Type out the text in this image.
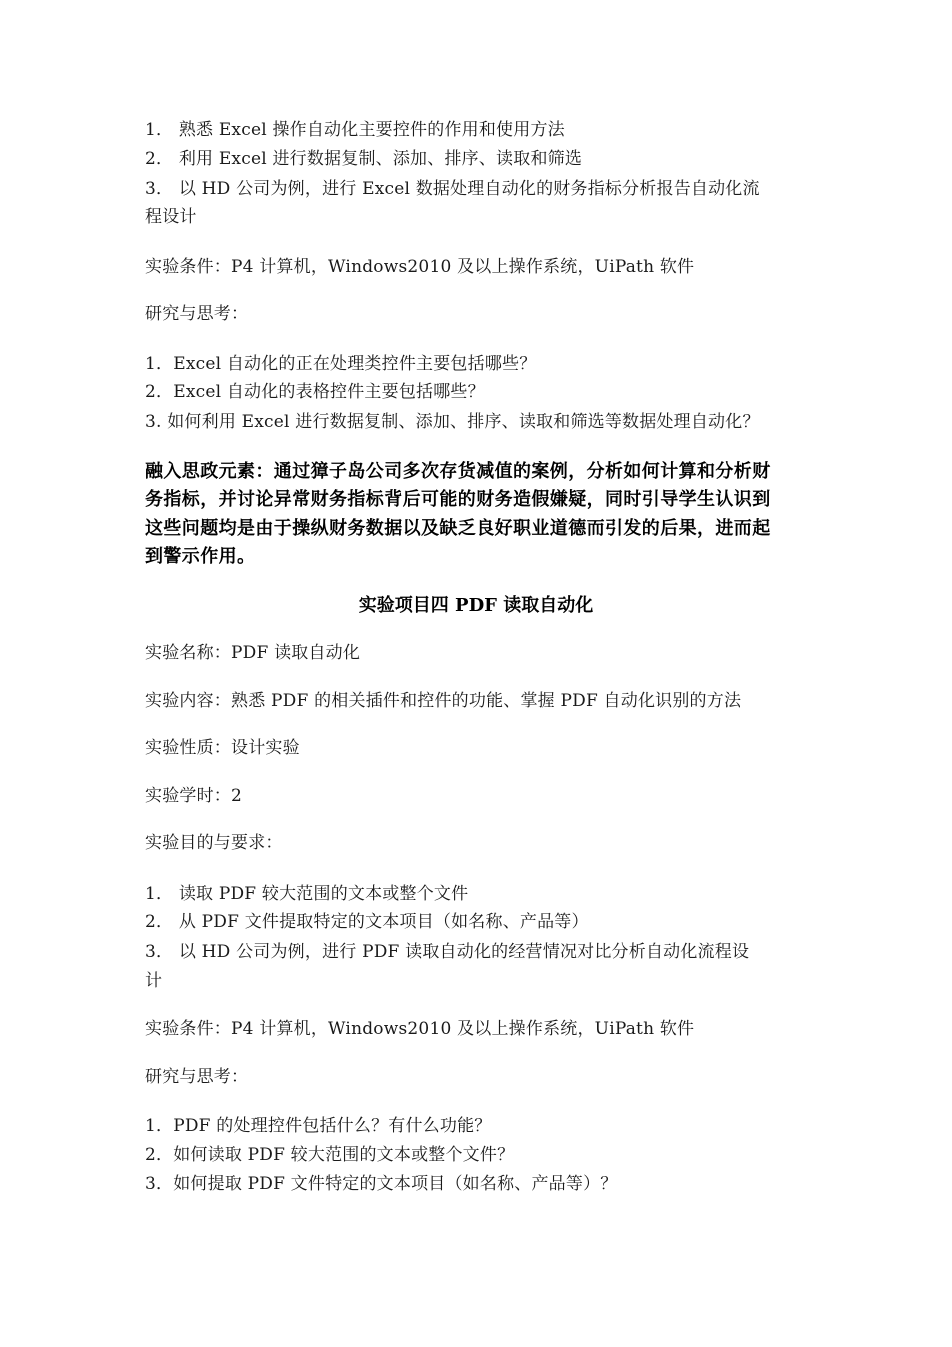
1． 熟悉 Excel 操作自动化主要控件的作用和使用方法
2． 利用 Excel 进行数据复制、添加、排序、读取和筛选
3． 以 HD 公司为例，进行 Excel 数据处理自动化的财务指标分析报告自动化流
程设计
实验条件：P4 计算机，Windows2010 及以上操作系统，UiPath 软件
研究与思考：
1．Excel 自动化的正在处理类控件主要包括哪些？
2．Excel 自动化的表格控件主要包括哪些？
3. 如何利用 Excel 进行数据复制、添加、排序、读取和筛选等数据处理自动化？
融入思政元素：通过獐子岛公司多次存货减值的案例，分析如何计算和分析财
务指标，并讨论异常财务指标背后可能的财务造假嫌疑，同时引导学生认识到
这些问题均是由于操纵财务数据以及缺乏良好职业道德而引发的后果，进而起
到警示作用。
实验项目四 PDF 读取自动化
实验名称：PDF 读取自动化
实验内容：熟悉 PDF 的相关插件和控件的功能、掌握 PDF 自动化识别的方法
实验性质：设计实验
实验学时：2
实验目的与要求：
1． 读取 PDF 较大范围的文本或整个文件
2． 从 PDF 文件提取特定的文本项目（如名称、产品等）
3． 以 HD 公司为例，进行 PDF 读取自动化的经营情况对比分析自动化流程设
计
实验条件：P4 计算机，Windows2010 及以上操作系统，UiPath 软件
研究与思考：
1．PDF 的处理控件包括什么？有什么功能？
2．如何读取 PDF 较大范围的文本或整个文件？
3．如何提取 PDF 文件特定的文本项目（如名称、产品等）？
